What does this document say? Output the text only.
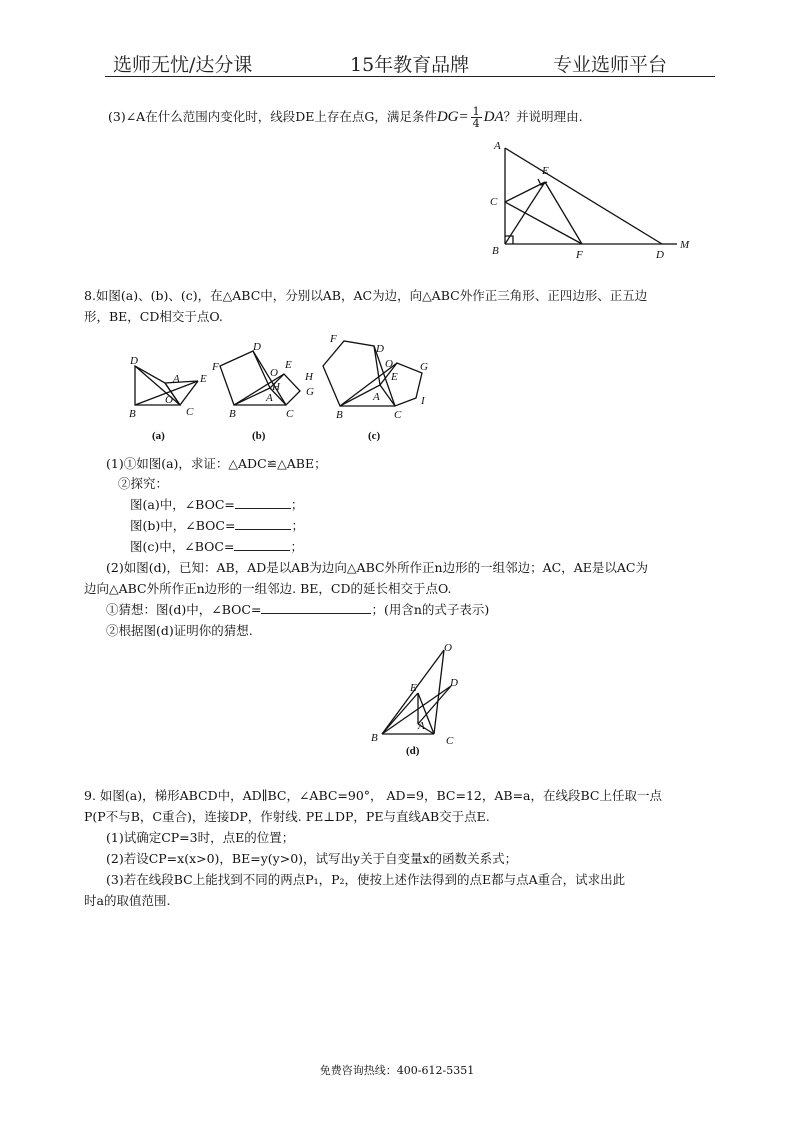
选师无忧/达分课	15年教育品牌	专业选师平台
(3)∠A在什么范围内变化时，线段DE上存在点G，满足条件$DG= \frac{1}{4}$ DA？并说明理由.
A
E
C
B	F	D
M
8.如图(a)、(b)、(c)，在△ABC中，分别以AB，AC为边，向△ABC外作正三角形、正四边形、正五边
形，BE，CD相交于点O.
D
A E
O
B	C
(a)
D
F	E
O
H
A	G
B	C
(b)
F
D
O
H
G
E
A	I
B	C
(c)
(1)①如图(a)，求证：△ADC≌△ABE；
②探究：
图(a)中，∠BOC=	；
图(b)中，∠BOC=	；
图(c)中，∠BOC=	；
(2)如图(d)，已知：AB，AD是以AB为边向△ABC外所作正n边形的一组邻边；AC，AE是以AC为
边向△ABC外所作正n边形的一组邻边. BE，CD的延长相交于点O.
①猜想：图(d)中，∠BOC=	；(用含n的式子表示)
②根据图(d)证明你的猜想.
O
E	D
A
B	C
(d)
9. 如图(a)，梯形ABCD中，AD∥BC，∠ABC=90°， AD=9，BC=12，AB=a，在线段BC上任取一点
P(P不与B，C重合)，连接DP，作射线. PE⊥DP，PE与直线AB交于点E.
(1)试确定CP=3时，点E的位置；
(2)若设CP=x(x>0)，BE=y(y>0)，试写出y关于自变量x的函数关系式；
(3)若在线段BC上能找到不同的两点P₁，P₂，使按上述作法得到的点E都与点A重合，试求出此
时a的取值范围.
免费咨询热线：400-612-5351
